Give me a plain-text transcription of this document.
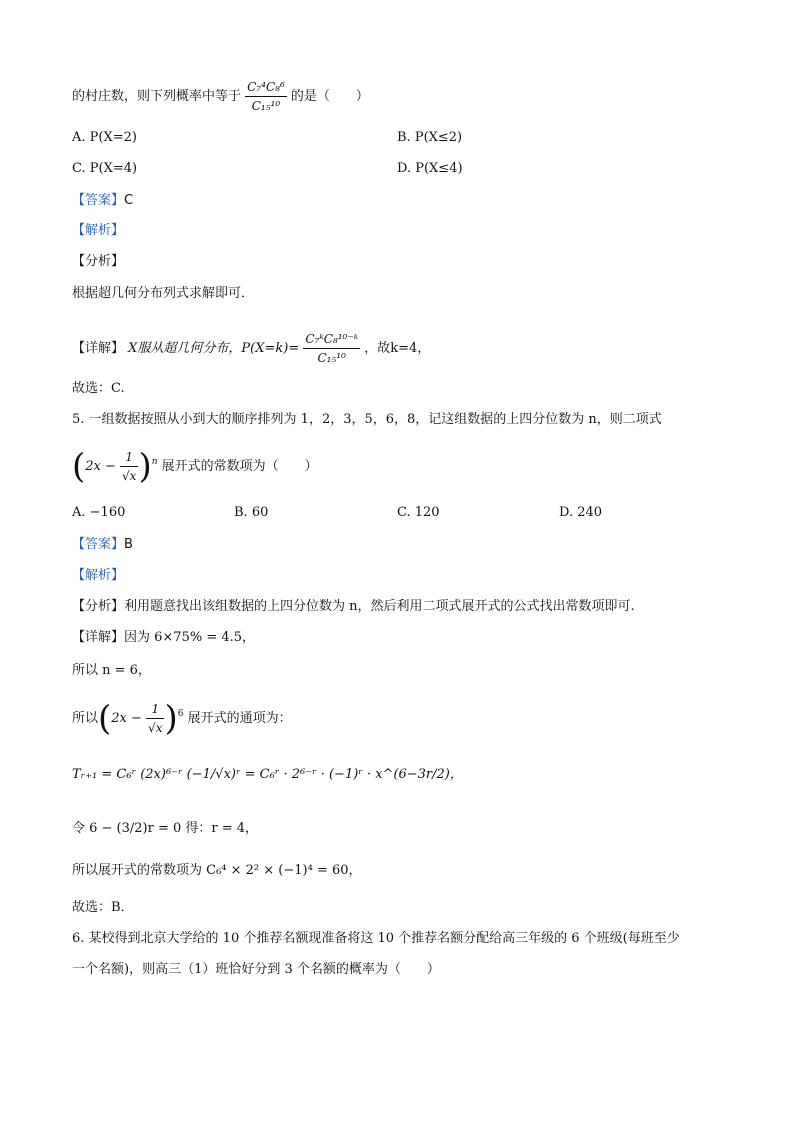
的村庄数，则下列概率中等于 $\frac{\text{C₇⁴C₈⁶}}{\text{C₁₅¹⁰}}$ 的是（　　）
A. P(X=2)	B. P(X≤2)
C. P(X=4)	D. P(X≤4)
【答案】C
【解析】
【分析】
根据超几何分布列式求解即可．
【详解】 X服从超几何分布，$P(X=k)= \frac{\text{C₇ᵏC₈¹⁰⁻ᵏ}}{\text{C₁₅¹⁰}}$ ，故k=4，
故选：C.
5. 一组数据按照从小到大的顺序排列为 1，2，3，5，6，8，记这组数据的上四分位数为 n，则二项式
$(2x - \frac{1}{√x} )^n$ 展开式的常数项为（　　）
A. −160	B. 60	C. 120	D. 240
【答案】B
【解析】
【分析】利用题意找出该组数据的上四分位数为 n，然后利用二项式展开式的公式找出常数项即可.
【详解】因为 6×75% = 4.5，
所以 n = 6，
所以$(2x - \frac{1}{√x} )^6$ 展开式的通项为：
Tᵣ₊₁ = C₆ʳ (2x)⁶⁻ʳ (−1/√x)ʳ = C₆ʳ · 2⁶⁻ʳ · (−1)ʳ · x^(6−3r/2)，
令 6 − (3/2)r = 0 得：r = 4，
所以展开式的常数项为 C₆⁴ × 2² × (−1)⁴ = 60，
故选：B．
6. 某校得到北京大学给的 10 个推荐名额现准备将这 10 个推荐名额分配给高三年级的 6 个班级(每班至少
一个名额)，则高三（1）班恰好分到 3 个名额的概率为（　　）
